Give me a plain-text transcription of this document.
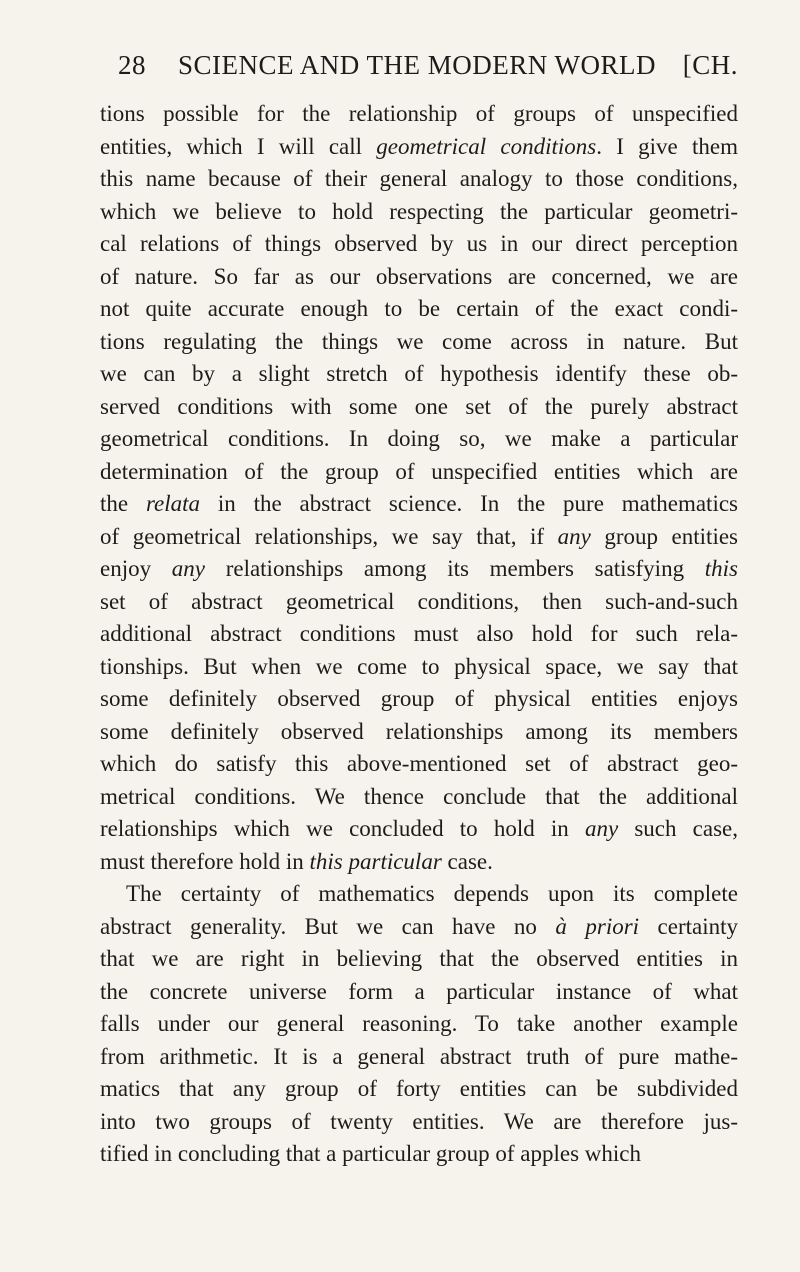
28 SCIENCE AND THE MODERN WORLD [CH.
tions possible for the relationship of groups of unspecified
entities, which I will call geometrical conditions. I give them
this name because of their general analogy to those conditions,
which we believe to hold respecting the particular geometri-
cal relations of things observed by us in our direct perception
of nature. So far as our observations are concerned, we are
not quite accurate enough to be certain of the exact condi-
tions regulating the things we come across in nature. But
we can by a slight stretch of hypothesis identify these ob-
served conditions with some one set of the purely abstract
geometrical conditions. In doing so, we make a particular
determination of the group of unspecified entities which are
the relata in the abstract science. In the pure mathematics
of geometrical relationships, we say that, if any group entities
enjoy any relationships among its members satisfying this
set of abstract geometrical conditions, then such-and-such
additional abstract conditions must also hold for such rela-
tionships. But when we come to physical space, we say that
some definitely observed group of physical entities enjoys
some definitely observed relationships among its members
which do satisfy this above-mentioned set of abstract geo-
metrical conditions. We thence conclude that the additional
relationships which we concluded to hold in any such case,
must therefore hold in this particular case.
The certainty of mathematics depends upon its complete
abstract generality. But we can have no à priori certainty
that we are right in believing that the observed entities in
the concrete universe form a particular instance of what
falls under our general reasoning. To take another example
from arithmetic. It is a general abstract truth of pure mathe-
matics that any group of forty entities can be subdivided
into two groups of twenty entities. We are therefore jus-
tified in concluding that a particular group of apples which
